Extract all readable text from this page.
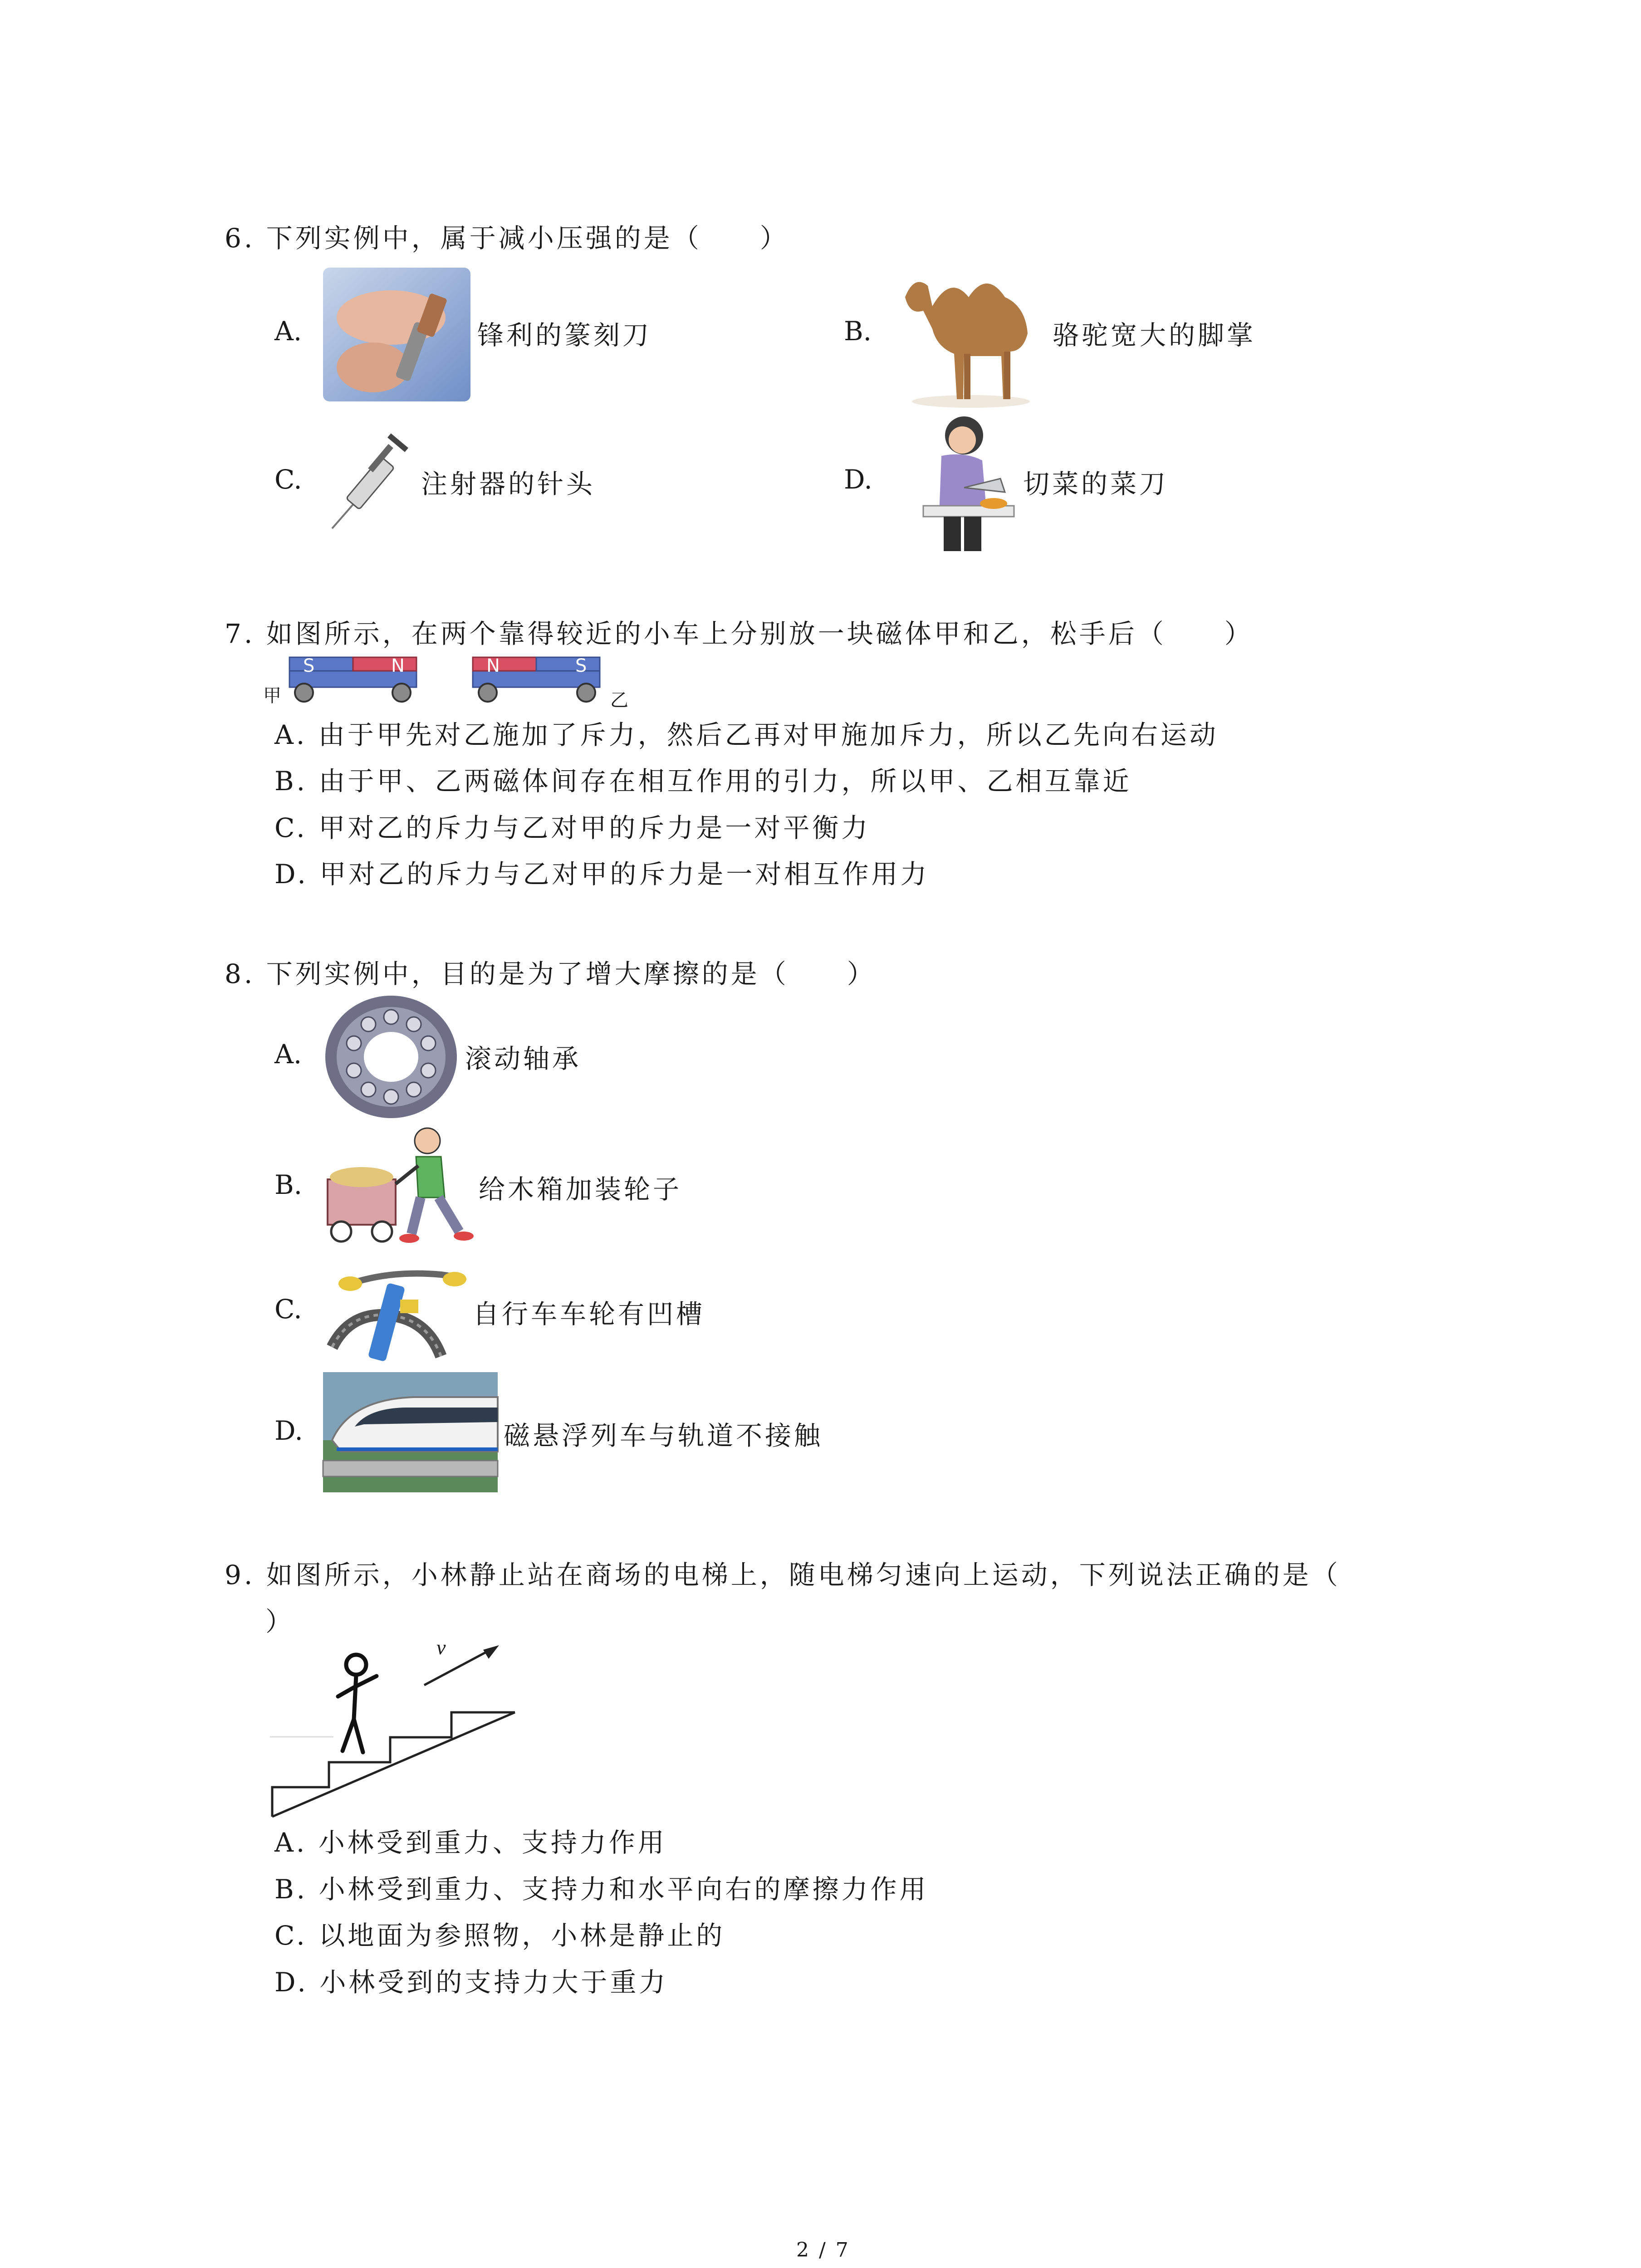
6. 下列实例中，属于减小压强的是（　　）
A.	锋利的篆刻刀	B.	骆驼宽大的脚掌
C.	注射器的针头	D.	切菜的菜刀
7. 如图所示，在两个靠得较近的小车上分别放一块磁体甲和乙，松手后（　　）
S	N	N	S
甲	乙
A. 由于甲先对乙施加了斥力，然后乙再对甲施加斥力，所以乙先向右运动
B. 由于甲、乙两磁体间存在相互作用的引力，所以甲、乙相互靠近
C. 甲对乙的斥力与乙对甲的斥力是一对平衡力
D. 甲对乙的斥力与乙对甲的斥力是一对相互作用力
8. 下列实例中，目的是为了增大摩擦的是（　　）
A.	滚动轴承
B.	给木箱加装轮子
C.	自行车车轮有凹槽
D.	磁悬浮列车与轨道不接触
9. 如图所示，小林静止站在商场的电梯上，随电梯匀速向上运动，下列说法正确的是（
）
v
A. 小林受到重力、支持力作用
B. 小林受到重力、支持力和水平向右的摩擦力作用
C. 以地面为参照物，小林是静止的
D. 小林受到的支持力大于重力
2 / 7
